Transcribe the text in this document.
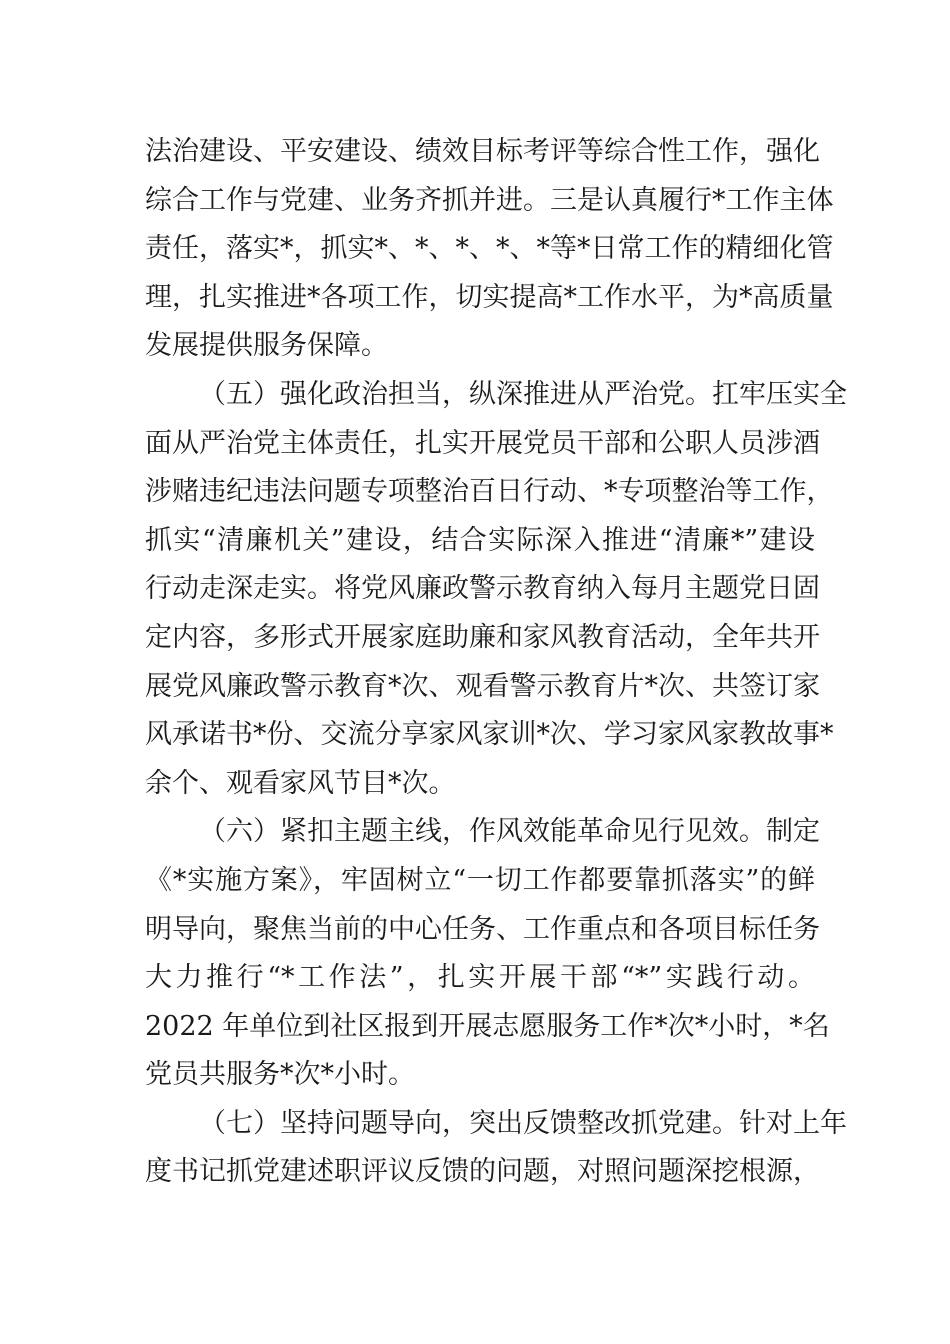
法治建设、平安建设、绩效目标考评等综合性工作，强化
综合工作与党建、业务齐抓并进。三是认真履行*工作主体
责任，落实*，抓实*、*、*、*、*等*日常工作的精细化管
理，扎实推进*各项工作，切实提高*工作水平，为*高质量
发展提供服务保障。
（五）强化政治担当，纵深推进从严治党。扛牢压实全
面从严治党主体责任，扎实开展党员干部和公职人员涉酒
涉赌违纪违法问题专项整治百日行动、*专项整治等工作，
抓实“清廉机关”建设，结合实际深入推进“清廉*”建设
行动走深走实。将党风廉政警示教育纳入每月主题党日固
定内容，多形式开展家庭助廉和家风教育活动，全年共开
展党风廉政警示教育*次、观看警示教育片*次、共签订家
风承诺书*份、交流分享家风家训*次、学习家风家教故事*
余个、观看家风节目*次。
（六）紧扣主题主线，作风效能革命见行见效。制定
《*实施方案》，牢固树立“一切工作都要靠抓落实”的鲜
明导向，聚焦当前的中心任务、工作重点和各项目标任务
大力推行“*工作法”，扎实开展干部“*”实践行动。
2022 年单位到社区报到开展志愿服务工作*次*小时，*名
党员共服务*次*小时。
（七）坚持问题导向，突出反馈整改抓党建。针对上年
度书记抓党建述职评议反馈的问题，对照问题深挖根源，
